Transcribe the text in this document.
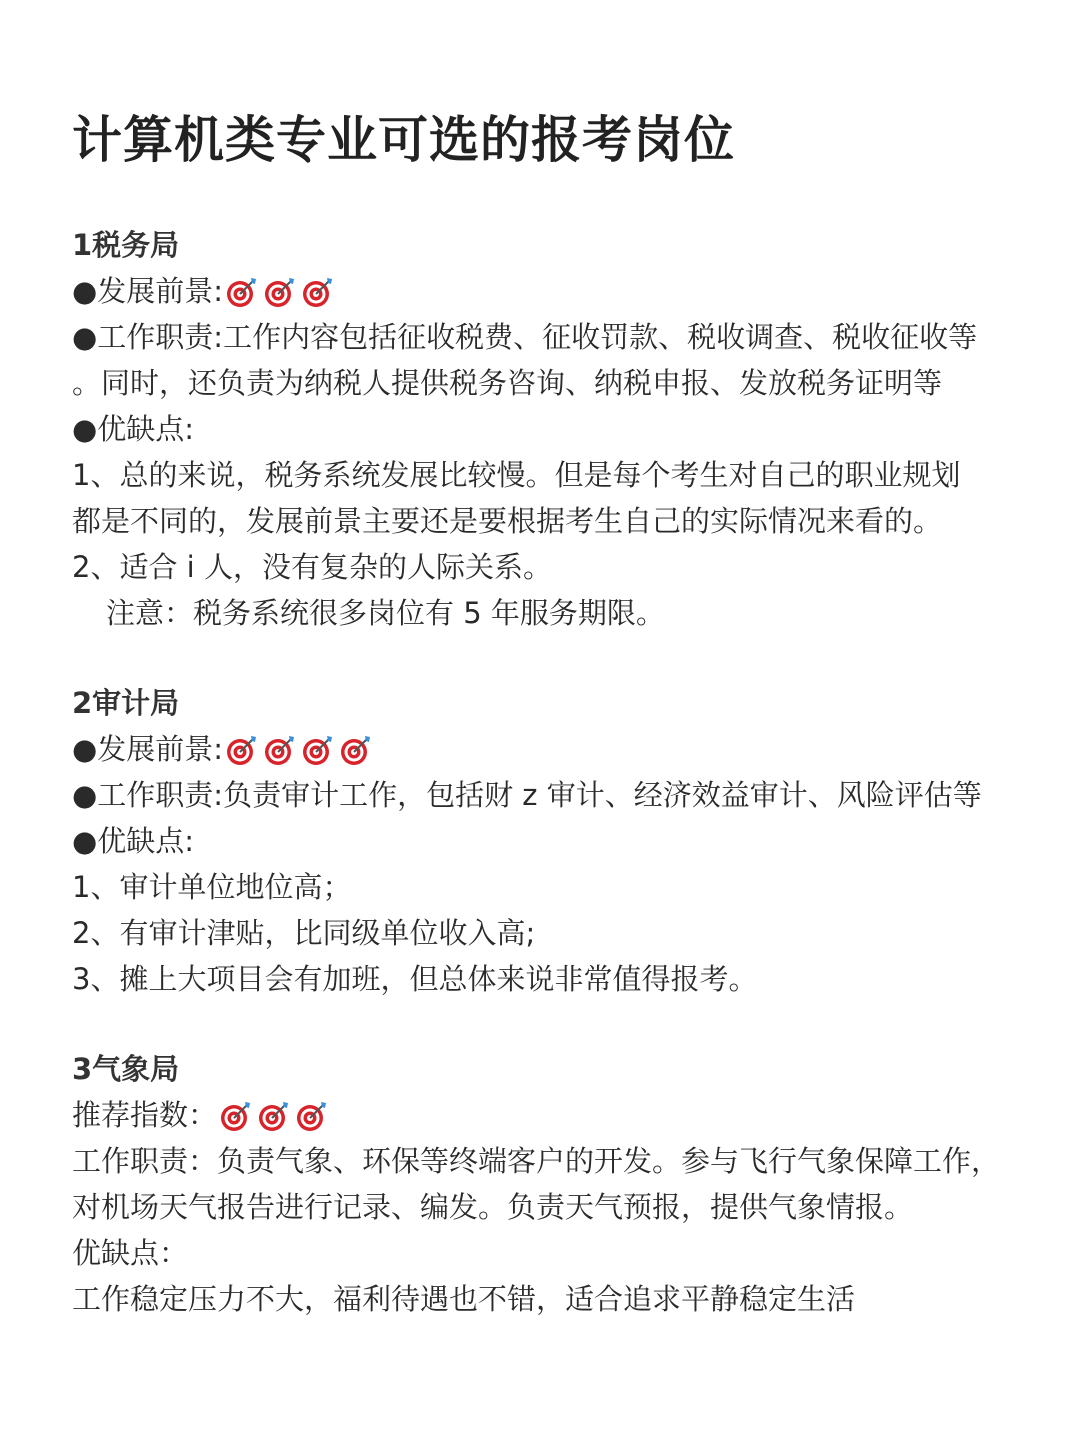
计算机类专业可选的报考岗位
1税务局
●发展前景:
●工作职责:工作内容包括征收税费、征收罚款、税收调查、税收征收等
。同时，还负责为纳税人提供税务咨询、纳税申报、发放税务证明等
●优缺点:
1、总的来说，税务系统发展比较慢。但是每个考生对自己的职业规划
都是不同的，发展前景主要还是要根据考生自己的实际情况来看的。
2、适合 i 人，没有复杂的人际关系。
注意：税务系统很多岗位有 5 年服务期限。
2审计局
●发展前景:
●工作职责:负责审计工作，包括财 z 审计、经济效益审计、风险评估等
●优缺点:
1、审计单位地位高；
2、有审计津贴，比同级单位收入高;
3、摊上大项目会有加班，但总体来说非常值得报考。
3气象局
推荐指数：
工作职责：负责气象、环保等终端客户的开发。参与飞行气象保障工作，
对机场天气报告进行记录、编发。负责天气预报，提供气象情报。
优缺点：
工作稳定压力不大，福利待遇也不错，适合追求平静稳定生活
